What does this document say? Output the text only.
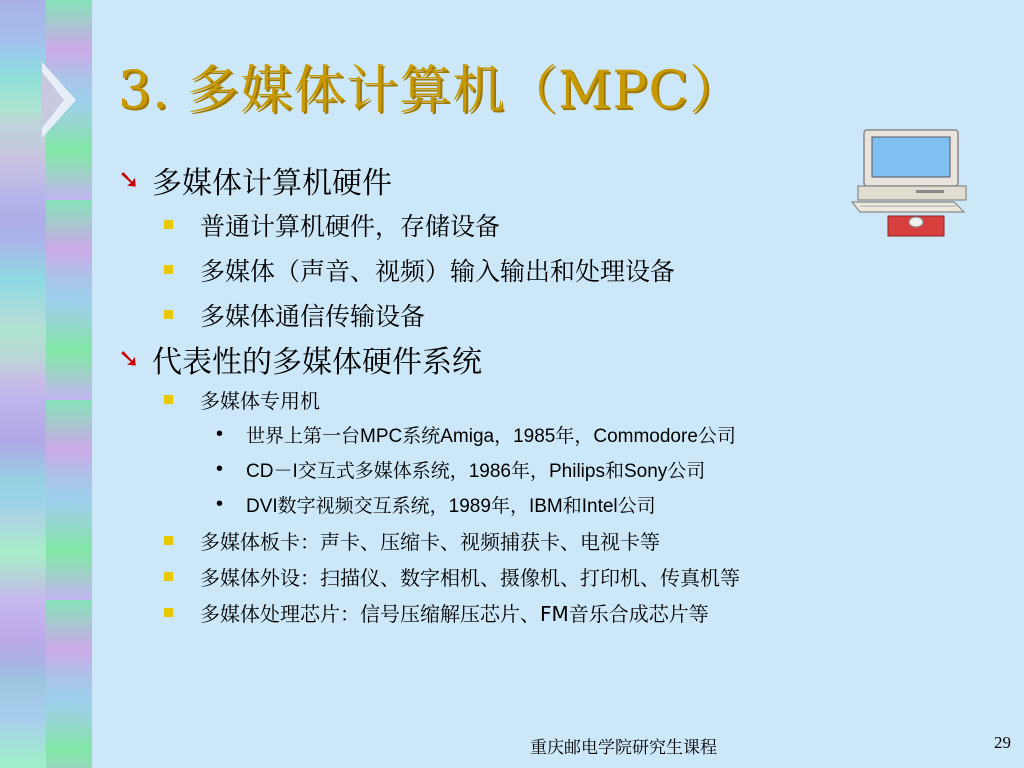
3. 多媒体计算机（MPC）
➘ 多媒体计算机硬件
普通计算机硬件，存储设备
多媒体（声音、视频）输入输出和处理设备
多媒体通信传输设备
➘ 代表性的多媒体硬件系统
多媒体专用机
•	世界上第一台MPC系统Amiga，1985年，Commodore公司
•	CD－I交互式多媒体系统，1986年，Philips和Sony公司
•	DVI数字视频交互系统，1989年，IBM和Intel公司
多媒体板卡：声卡、压缩卡、视频捕获卡、电视卡等
多媒体外设：扫描仪、数字相机、摄像机、打印机、传真机等
多媒体处理芯片：信号压缩解压芯片、FM音乐合成芯片等
重庆邮电学院研究生课程	29
